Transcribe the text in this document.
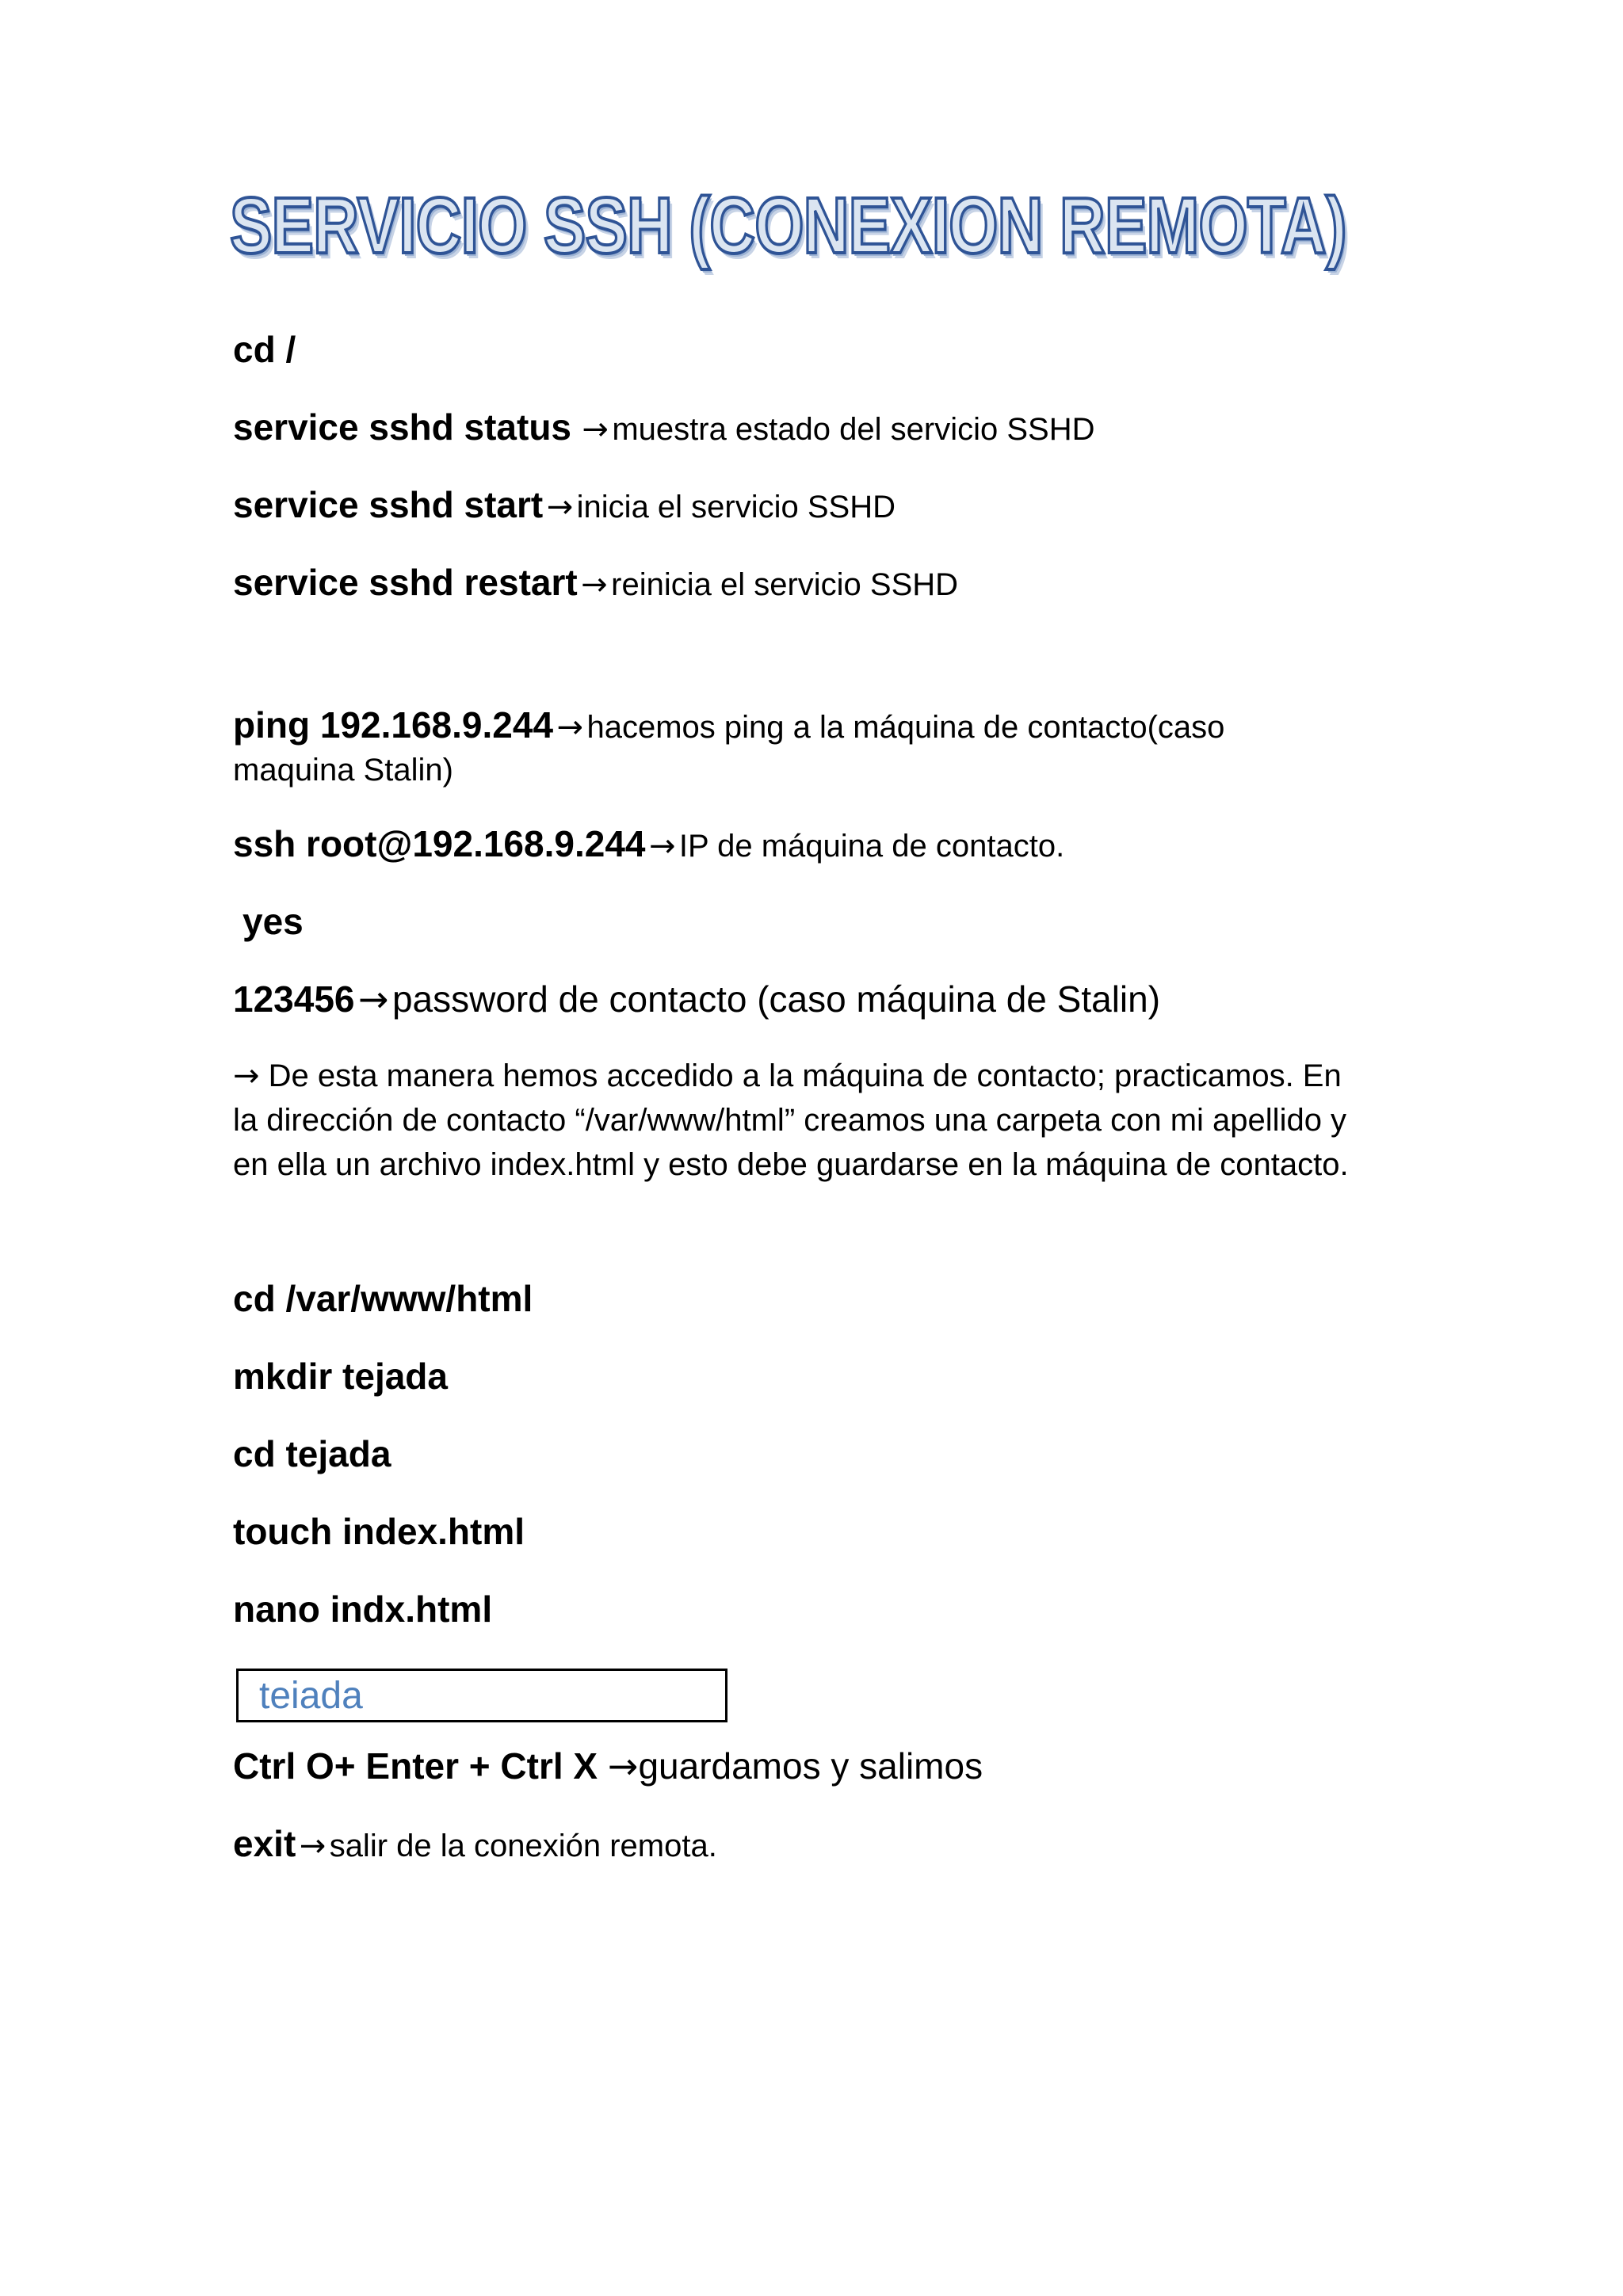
SERVICIO SSH (CONEXION REMOTA)

cd /

service sshd status → muestra estado del servicio SSHD

service sshd start → inicia el servicio SSHD

service sshd restart → reinicia el servicio SSHD

ping 192.168.9.244 → hacemos ping a la máquina de contacto(caso

maquina Stalin)

ssh root@192.168.9.244 → IP de máquina de contacto.

yes

123456 → password de contacto (caso máquina de Stalin)

→ De esta manera hemos accedido a la máquina de contacto; practicamos. En
la dirección de contacto “/var/www/html” creamos una carpeta con mi apellido y
en ella un archivo index.html y esto debe guardarse en la máquina de contacto.

cd /var/www/html

mkdir tejada

cd tejada

touch index.html

nano indx.html

teiada

Ctrl O+ Enter + Ctrl X →guardamos y salimos

exit → salir de la conexión remota.
